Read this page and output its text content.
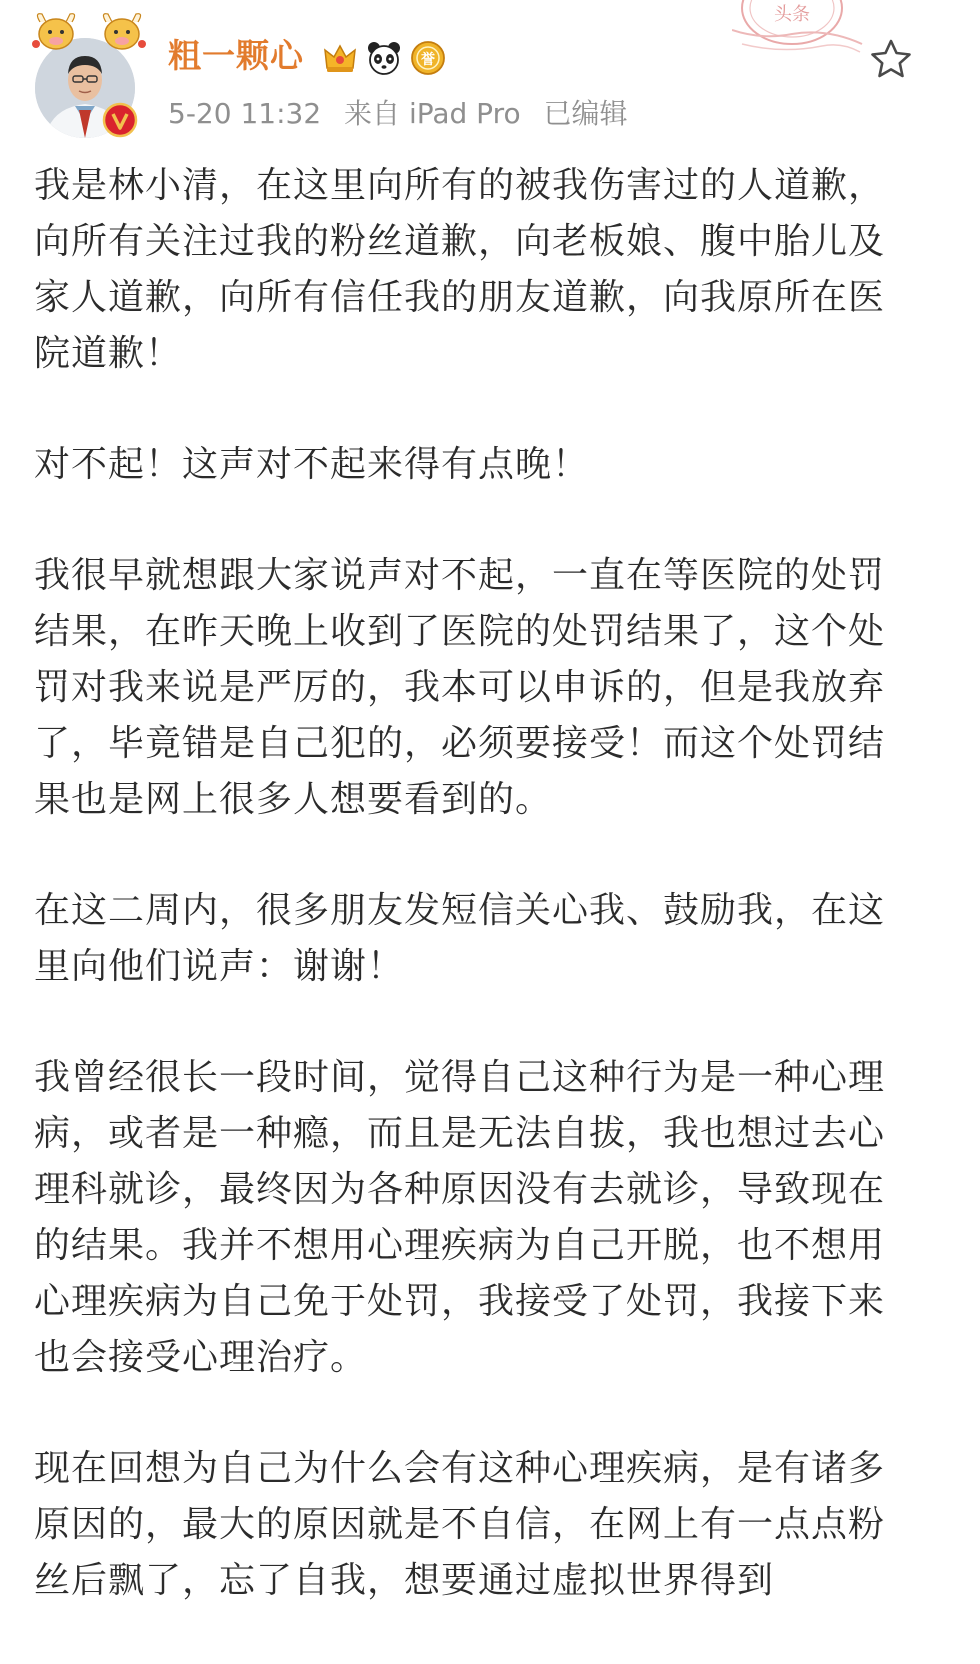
粗一颗心	誉
5-20 11:32 来自 iPad Pro 已编辑
头条

我是林小清，在这里向所有的被我伤害过的人道歉，向所有关注过我的粉丝道歉，向老板娘、腹中胎儿及家人道歉，向所有信任我的朋友道歉，向我原所在医院道歉！

对不起！这声对不起来得有点晚！

我很早就想跟大家说声对不起，一直在等医院的处罚结果，在昨天晚上收到了医院的处罚结果了，这个处罚对我来说是严厉的，我本可以申诉的，但是我放弃了，毕竟错是自己犯的，必须要接受！而这个处罚结果也是网上很多人想要看到的。

在这二周内，很多朋友发短信关心我、鼓励我，在这里向他们说声：谢谢！

我曾经很长一段时间，觉得自己这种行为是一种心理病，或者是一种瘾，而且是无法自拔，我也想过去心理科就诊，最终因为各种原因没有去就诊，导致现在的结果。我并不想用心理疾病为自己开脱，也不想用心理疾病为自己免于处罚，我接受了处罚，我接下来也会接受心理治疗。

现在回想为自己为什么会有这种心理疾病，是有诸多原因的，最大的原因就是不自信，在网上有一点点粉丝后飘了，忘了自我，想要通过虚拟世界得到
